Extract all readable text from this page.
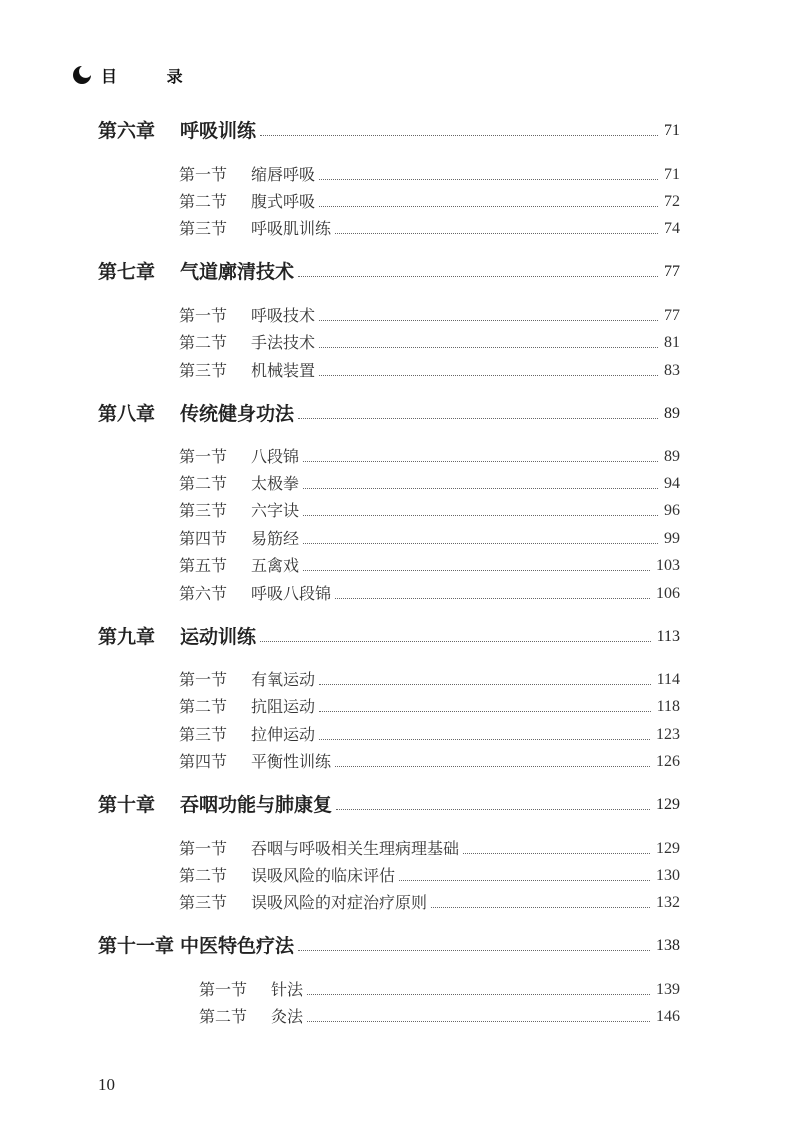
目 录
第六章	呼吸训练	71
第一节	缩唇呼吸	71
第二节	腹式呼吸	72
第三节	呼吸肌训练	74
第七章	气道廓清技术	77
第一节	呼吸技术	77
第二节	手法技术	81
第三节	机械装置	83
第八章	传统健身功法	89
第一节	八段锦	89
第二节	太极拳	94
第三节	六字诀	96
第四节	易筋经	99
第五节	五禽戏	103
第六节	呼吸八段锦	106
第九章	运动训练	113
第一节	有氧运动	114
第二节	抗阻运动	118
第三节	拉伸运动	123
第四节	平衡性训练	126
第十章	吞咽功能与肺康复	129
第一节	吞咽与呼吸相关生理病理基础	129
第二节	误吸风险的临床评估	130
第三节	误吸风险的对症治疗原则	132
第十一章 中医特色疗法	138
第一节	针法	139
第二节	灸法	146
10
